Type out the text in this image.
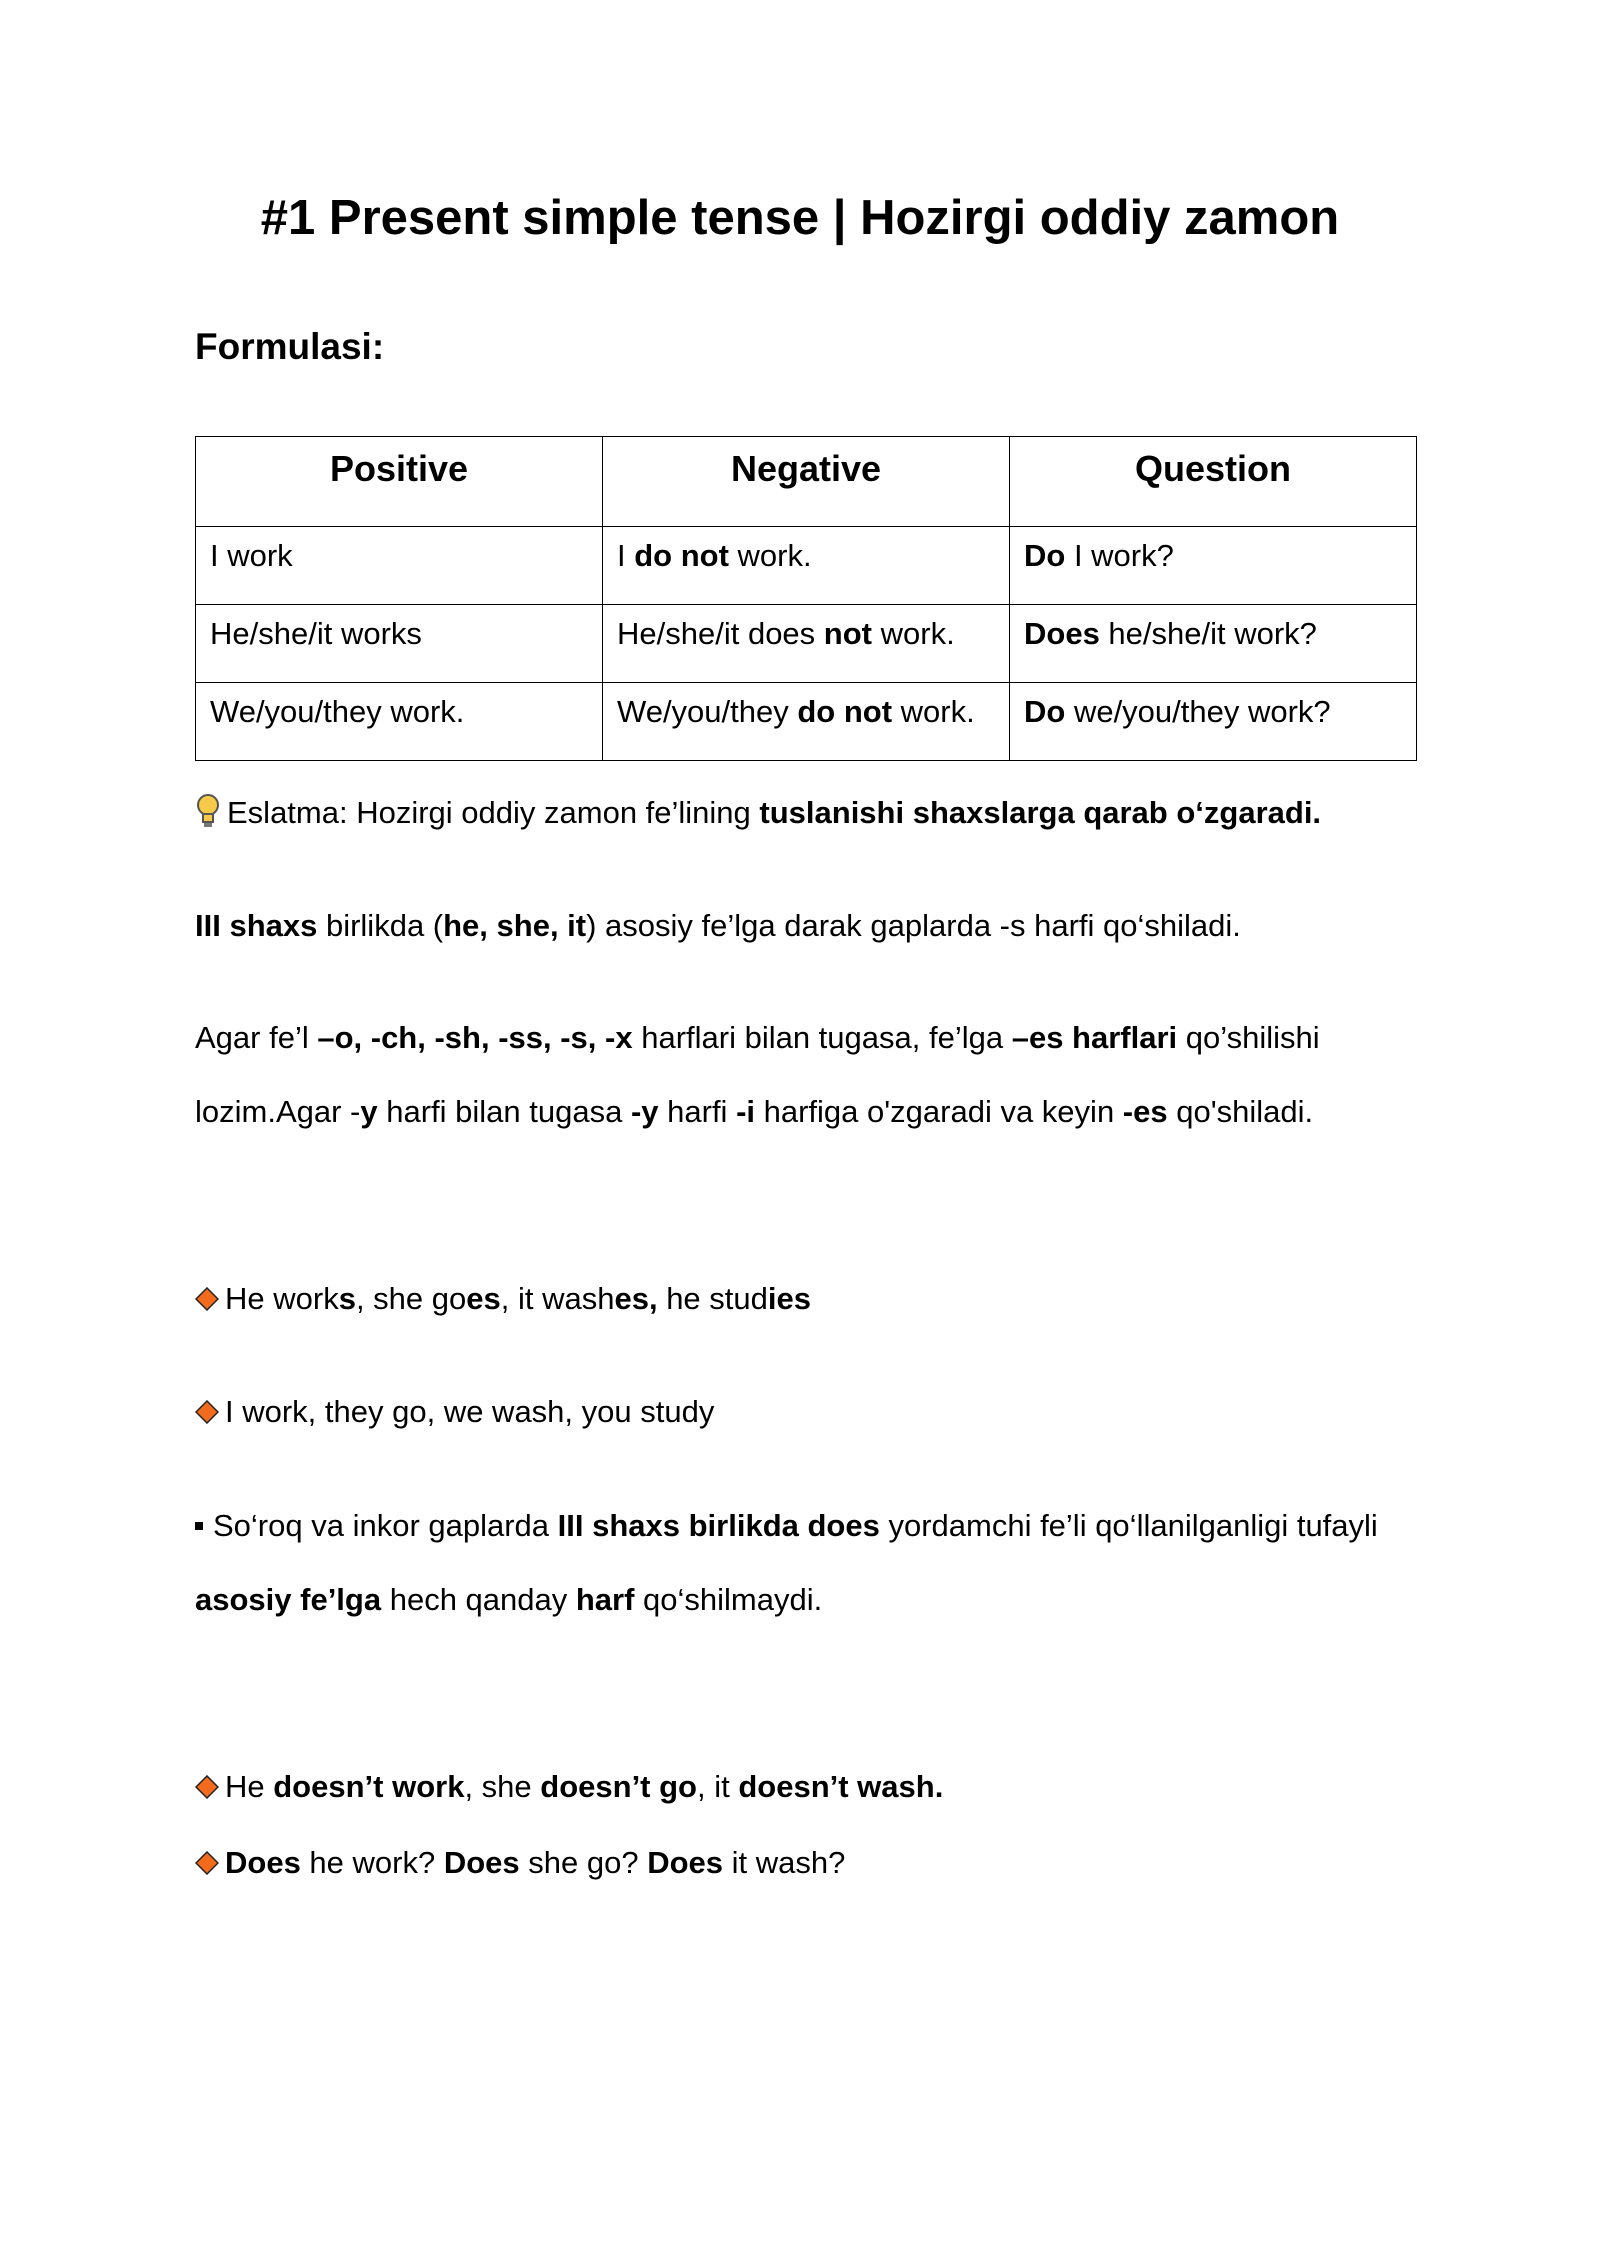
#1 Present simple tense | Hozirgi oddiy zamon
Formulasi:
Positive	Negative	Question
I work	I do not work.	Do I work?
He/she/it works	He/she/it does not work.	Does he/she/it work?
We/you/they work.	We/you/they do not work.	Do we/you/they work?

Eslatma: Hozirgi oddiy zamon fe’lining tuslanishi shaxslarga qarab o‘zgaradi.

III shaxs birlikda (he, she, it) asosiy fe’lga darak gaplarda -s harfi qo‘shiladi.

Agar fe’l –o, -ch, -sh, -ss, -s, -x harflari bilan tugasa, fe’lga –es harflari qo’shilishi lozim.Agar -y harfi bilan tugasa -y harfi -i harfiga o'zgaradi va keyin -es qo'shiladi.

He works, she goes, it washes, he studies

I work, they go, we wash, you study

So‘roq va inkor gaplarda III shaxs birlikda does yordamchi fe’li qo‘llanilganligi tufayli asosiy fe’lga hech qanday harf qo‘shilmaydi.

He doesn’t work, she doesn’t go, it doesn’t wash.

Does he work? Does she go? Does it wash?
